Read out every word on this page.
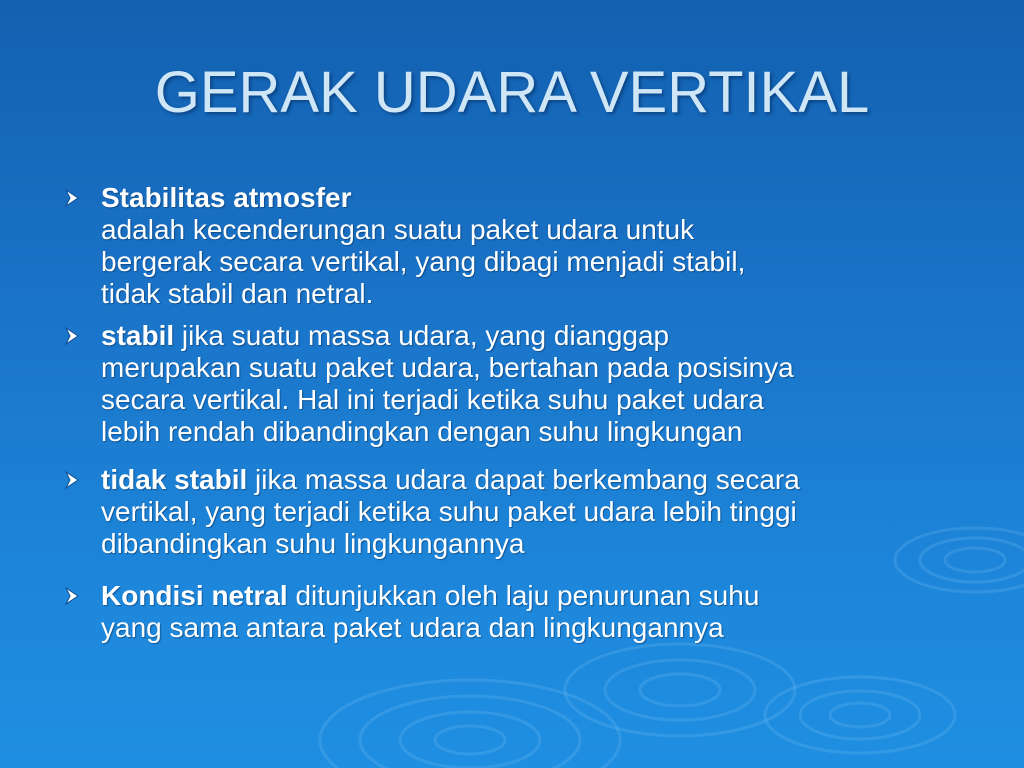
GERAK UDARA VERTIKAL
Stabilitas atmosfer
adalah kecenderungan suatu paket udara untuk
bergerak secara vertikal, yang dibagi menjadi stabil,
tidak stabil dan netral.
stabil jika suatu massa udara, yang dianggap
merupakan suatu paket udara, bertahan pada posisinya
secara vertikal. Hal ini terjadi ketika suhu paket udara
lebih rendah dibandingkan dengan suhu lingkungan
tidak stabil jika massa udara dapat berkembang secara
vertikal, yang terjadi ketika suhu paket udara lebih tinggi
dibandingkan suhu lingkungannya
Kondisi netral ditunjukkan oleh laju penurunan suhu
yang sama antara paket udara dan lingkungannya
